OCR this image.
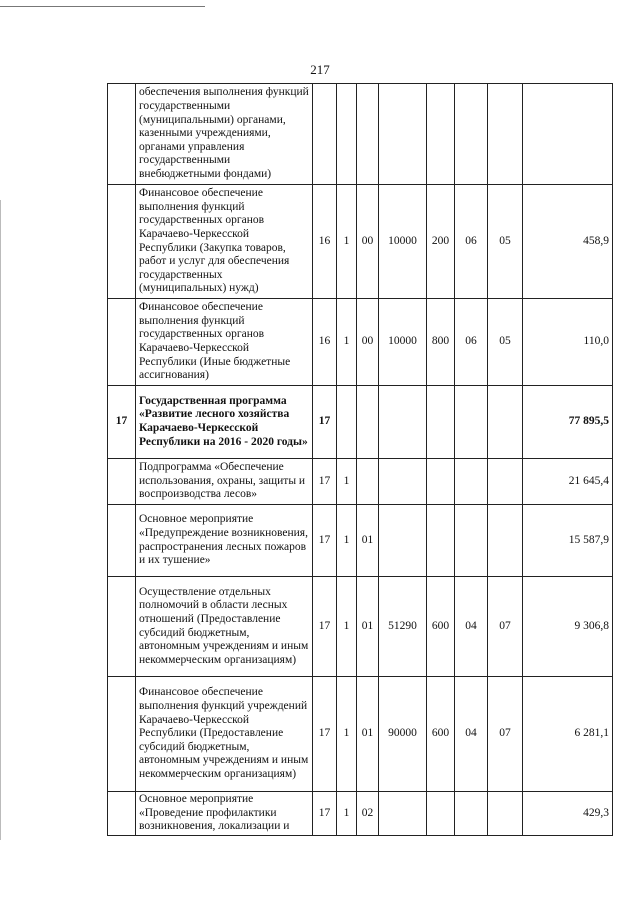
217
	обеспечения выполнения функций государственными (муниципальными) органами, казенными учреждениями, органами управления государственными внебюджетными фондами)								
	Финансовое обеспечение выполнения функций государственных органов Карачаево-Черкесской Республики (Закупка товаров, работ и услуг для обеспечения государственных (муниципальных) нужд)	16	1	00	10000	200	06	05	458,9
	Финансовое обеспечение выполнения функций государственных органов Карачаево-Черкесской Республики (Иные бюджетные ассигнования)	16	1	00	10000	800	06	05	110,0
17	Государственная программа «Развитие лесного хозяйства Карачаево-Черкесской Республики на 2016 - 2020 годы»	17							77 895,5
	Подпрограмма «Обеспечение использования, охраны, защиты и воспроизводства лесов»	17	1						21 645,4
	Основное мероприятие «Предупреждение возникновения, распространения лесных пожаров и их тушение»	17	1	01					15 587,9
	Осуществление отдельных полномочий в области лесных отношений (Предоставление субсидий бюджетным, автономным учреждениям и иным некоммерческим организациям)	17	1	01	51290	600	04	07	9 306,8
	Финансовое обеспечение выполнения функций учреждений Карачаево-Черкесской Республики (Предоставление субсидий бюджетным, автономным учреждениям и иным некоммерческим организациям)	17	1	01	90000	600	04	07	6 281,1
	Основное мероприятие «Проведение профилактики возникновения, локализации и	17	1	02					429,3
